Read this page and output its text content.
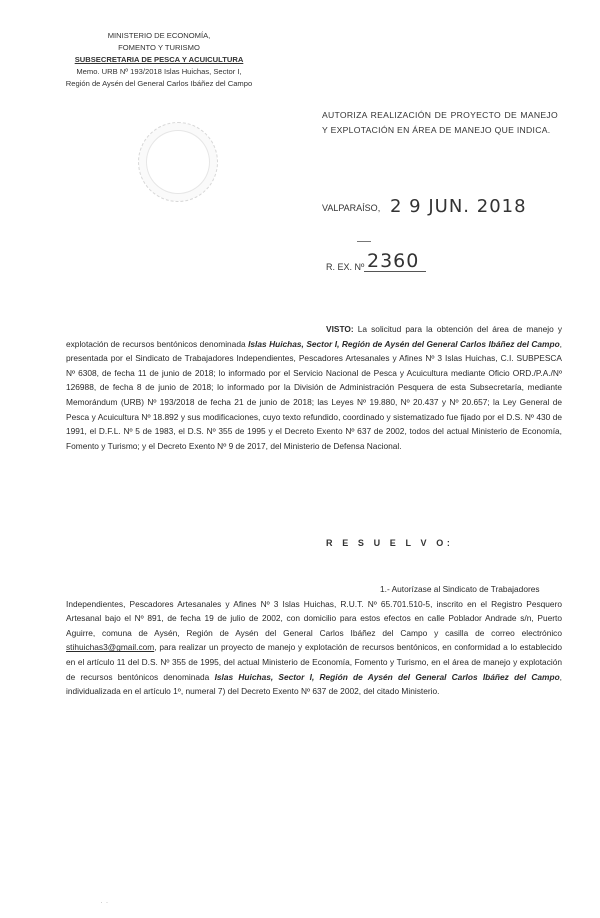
MINISTERIO DE ECONOMÍA,
FOMENTO Y TURISMO
SUBSECRETARIA DE PESCA Y ACUICULTURA
Memo. URB Nº 193/2018 Islas Huichas, Sector I,
Región de Aysén del General Carlos Ibáñez del Campo
AUTORIZA REALIZACIÓN DE PROYECTO DE MANEJO Y EXPLOTACIÓN EN ÁREA DE MANEJO QUE INDICA.
VALPARAÍSO, 2 9 JUN. 2018
R. EX. Nº 2360
VISTO: La solicitud para la obtención del área de manejo y explotación de recursos bentónicos denominada Islas Huichas, Sector I, Región de Aysén del General Carlos Ibáñez del Campo, presentada por el Sindicato de Trabajadores Independientes, Pescadores Artesanales y Afines Nº 3 Islas Huichas, C.I. SUBPESCA Nº 6308, de fecha 11 de junio de 2018; lo informado por el Servicio Nacional de Pesca y Acuicultura mediante Oficio ORD./P.A./Nº 126988, de fecha 8 de junio de 2018; lo informado por la División de Administración Pesquera de esta Subsecretaría, mediante Memorándum (URB) Nº 193/2018 de fecha 21 de junio de 2018; las Leyes Nº 19.880, Nº 20.437 y Nº 20.657; la Ley General de Pesca y Acuicultura Nº 18.892 y sus modificaciones, cuyo texto refundido, coordinado y sistematizado fue fijado por el D.S. Nº 430 de 1991, el D.F.L. Nº 5 de 1983, el D.S. Nº 355 de 1995 y el Decreto Exento Nº 637 de 2002, todos del actual Ministerio de Economía, Fomento y Turismo; y el Decreto Exento Nº 9 de 2017, del Ministerio de Defensa Nacional.
R E S U E L V O:
1.- Autorízase al Sindicato de Trabajadores
Independientes, Pescadores Artesanales y Afines Nº 3 Islas Huichas, R.U.T. Nº 65.701.510-5, inscrito en el Registro Pesquero Artesanal bajo el Nº 891, de fecha 19 de julio de 2002, con domicilio para estos efectos en calle Poblador Andrade s/n, Puerto Aguirre, comuna de Aysén, Región de Aysén del General Carlos Ibáñez del Campo y casilla de correo electrónico stihuichas3@gmail.com, para realizar un proyecto de manejo y explotación de recursos bentónicos, en conformidad a lo establecido en el artículo 11 del D.S. Nº 355 de 1995, del actual Ministerio de Economía, Fomento y Turismo, en el área de manejo y explotación de recursos bentónicos denominada Islas Huichas, Sector I, Región de Aysén del General Carlos Ibáñez del Campo, individualizada en el artículo 1º, numeral 7) del Decreto Exento Nº 637 de 2002, del citado Ministerio.
· ·
